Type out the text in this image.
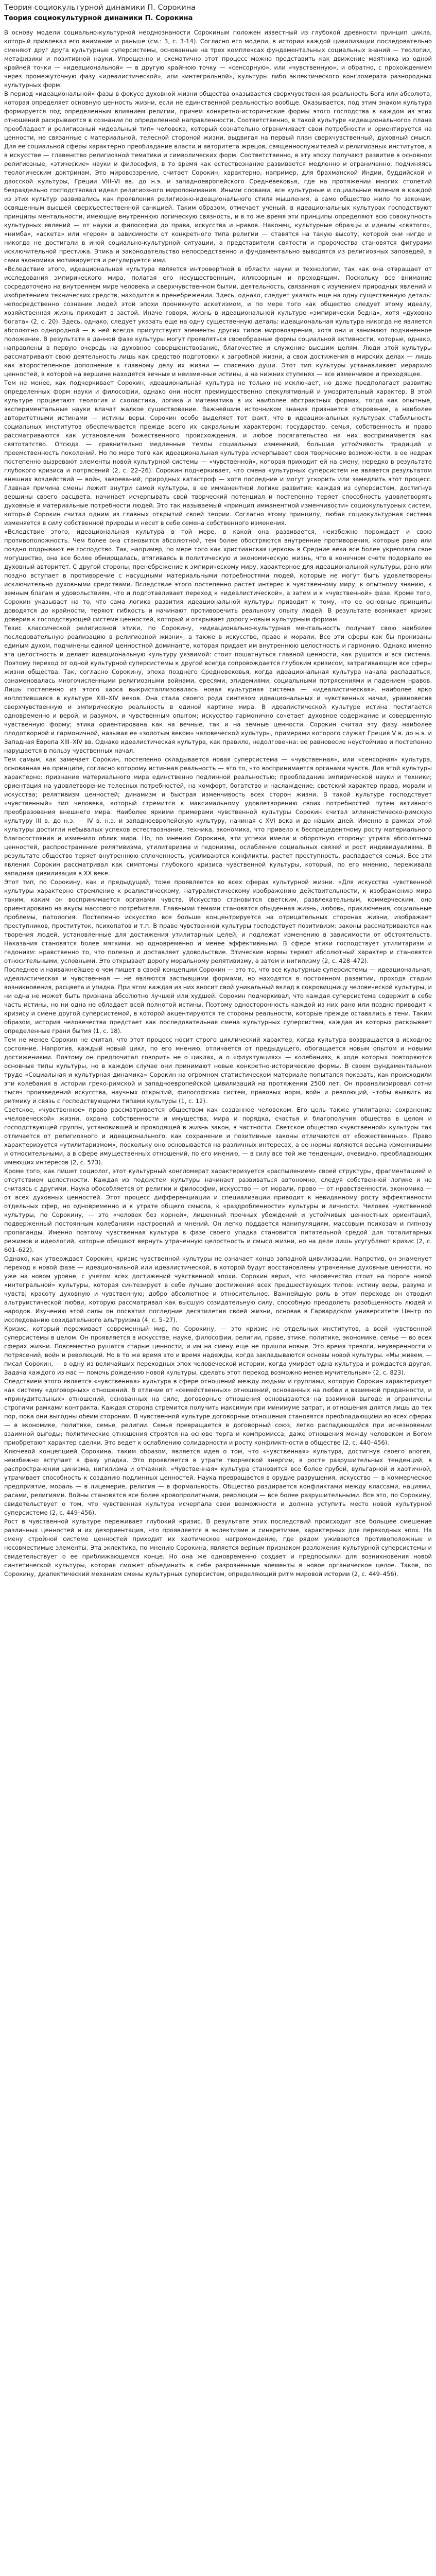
Теория социокультурной динамики П. Сорокина
Теория социокультурной динамики П. Сорокина

В основу модели социально-культурной неоднознаности Сорокиным положен известный из глубокой древности принцип цикла, который привлекал его внимание и раньше (см.: 3, с. 3-14). Согласно его модели, в истории каждой цивилизации последовательно сменяют друг друга культурные суперсистемы, основанные на трех комплексах фундаментальных социальных знаний — теологии, метафизики и позитивной науки. Упрощенно и схематично этот процесс можно представить как движение маятника из одной крайней точки — «идеациональной» — в другую крайнюю точку — «сенсорную», или «чувственную», и обратно, с прохождением через промежуточную фазу «идеалистической», или «интегральной», культуры либо эклектического конгломерата разнородных культурных форм.

В период «идеациональной» фазы в фокусе духовной жизни общества оказывается сверхчувственная реальность Бога или абсолюта, которая определяет основную ценность жизни, если не единственной реальностью вообще. Оказывается, под этим знаком культура формируется под определенным влиянием религии, причем конкретно-исторические формы этого господства в каждом из этих отношений раскрываются в сознании по определенной направленности. Соответственно, в такой культуре «идеационального» плана преобладает и религиозный «идеальный тип» человека, который сознательно ограничивает свои потребности и ориентируется на ценности, не связанные с материальной, телесной стороной жизни, выдвигая на первый план сверхчувственный, духовный смысл. Для ее социальной сферы характерно преобладание власти и авторитета жрецов, священнослужителей и религиозных институтов, а в искусстве — главенство религиозной тематики и символических форм. Соответственно, в эту эпоху получают развитие в основном религиозные, «этические» науки и философия, в то время как естествознание развивается медленно и ограниченно, подчиняясь теологическим доктринам. Это мировоззрение, считает Сорокин, характерно, например, для брахманской Индии, буддийской и даосской культуры, Греции VIII–VI вв. до н.э. и западноевропейского Средневековья, где на протяжении многих столетий безраздельно господствовал идеал религиозного миропонимания. Иными словами, все культурные и социальные явления в каждой из этих культур развивались как проявления религиозно-идеационального стиля мышления, а само общество жило по законам, освященным высшей сверхъестественной санкцией. Таким образом, отмечает ученый, в идеациональных культурах господствуют принципы ментальности, имеющие внутреннюю логическую связность, и в то же время эти принципы определяют всю совокупность культурных явлений — от науки и философии до права, искусства и нравов. Наконец, культурные образцы и идеалы «святого», «нимба», «аскета» или «героя» в зависимости от конкретного типа религии — ставятся на такую высоту, которой они нигде и никогда не достигали в иной социально-культурной ситуации, а представители святости и пророчества становятся фигурами исключительной престижа. Этика и законодательство непосредственно и фундаментально выводятся из религиозных заповедей, а сами экономика мотивируется и регулируется ими.

«Вследствие этого, идеациональная культура является интровертной в области науки и технологии, так как она отвращает от исследования эмпирического мира, полагая его несущественным, иллюзорным и преходящим. Поскольку все внимание сосредоточено на внутреннем мире человека и сверхчувственном бытии, деятельность, связанная с изучением природных явлений и изобретением технических средств, находится в пренебрежении. Здесь, однако, следует указать еще на одну существенную деталь: непосредственно сознание людей этой эпохи проникнуто аскетизмом, и по мере того как общество следует этому идеалу, хозяйственная жизнь приходит в застой. Иначе говоря, жизнь в идеациональной культуре «эмпирически бедна», хотя «духовно богата» (2, с. 20). Здесь, однако, следует указать еще на одну существенную деталь: идеациональная культура никогда не является абсолютно однородной — в ней всегда присутствуют элементы других типов мировоззрения, хотя они и занимают подчиненное положение. В результате в данной фазе культуры могут проявляться своеобразные формы социальной активности, которые, однако, направлены в первую очередь на духовное совершенствование, благочестие и служение высшим целям. Люди этой культуры рассматривают свою деятельность лишь как средство подготовки к загробной жизни, а свои достижения в мирских делах — лишь как второстепенное дополнение к главному делу их жизни — спасению души. Этот тип культуры устанавливает иерархию ценностей, в которой на вершине находятся вечные и неизменные истины, а на нижних ступенях — все изменчивое и преходящее.

Тем не менее, как подчеркивает Сорокин, идеациональная культура не только не исключает, но даже предполагает развитие определенных форм науки и философии, однако они носят преимущественно спекулятивный и умозрительный характер. В этой культуре процветают теология и схоластика, логика и математика в их наиболее абстрактных формах, тогда как опытные, экспериментальные науки влачат жалкое существование. Важнейшим источником знания признается откровение, а наиболее авторитетными истинами — истины веры. Сорокин особо выделяет тот факт, что в идеациональных культурах стабильность социальных институтов обеспечивается прежде всего их сакральным характером: государство, семья, собственность и право рассматриваются как установления божественного происхождения, и любое посягательство на них воспринимается как святотатство. Отсюда — сравнительно медленные темпы социальных изменений, большая устойчивость традиций и преемственность поколений. Но по мере того как идеациональная культура исчерпывает свои творческие возможности, в ее недрах постепенно вызревают элементы новой культурной системы — «чувственной», которая приходит ей на смену, нередко в результате глубокого кризиса и потрясений (2, с. 22–26). Сорокин подчеркивает, что смена культурных суперсистем не является результатом внешних воздействий — войн, завоеваний, природных катастроф — хотя последние и могут ускорить или замедлить этот процесс. Главная причина смены лежит внутри самой культуры, в ее имманентной логике развития: каждая из суперсистем, достигнув вершины своего расцвета, начинает исчерпывать свой творческий потенциал и постепенно теряет способность удовлетворять духовные и материальные потребности людей. Это так называемый «принцип имманентной изменчивости» социокультурных систем, который Сорокин считал одним из главных открытий своей теории. Согласно этому принципу, любая социокультурная система изменяется в силу собственной природы и несет в себе семена собственного изменения.

«Вследствие этого, идеациональная культура в той мере, в какой она развивается, неизбежно порождает и свою противоположность. Чем более она становится абсолютной, тем более обостряются внутренние противоречия, которые рано или поздно подрывают ее господство. Так, например, по мере того как христианская церковь в Средние века все более укрепляла свое могущество, она все более обмирщалась, втягиваясь в политическую и экономическую жизнь, что в конечном счете подорвало ее духовный авторитет. С другой стороны, пренебрежение к эмпирическому миру, характерное для идеациональной культуры, рано или поздно вступает в противоречие с насущными материальными потребностями людей, которые не могут быть удовлетворены исключительно духовными средствами. Вследствие этого постепенно растет интерес к чувственному миру, к опытному знанию, к земным благам и удовольствиям, что и подготавливает переход к «идеалистической», а затем и к «чувственной» фазе. Кроме того, Сорокин указывает на то, что сама логика развития идеациональной культуры приводит к тому, что ее основные принципы доводятся до крайности, теряют гибкость и начинают противоречить реальному опыту людей. В результате возникает кризис доверия к господствующей системе ценностей, который и открывает дорогу новым культурным формам.

Тезис классической религиозной этики, по Сорокину, «идеационально-культурная ментальность получает свою наиболее последовательную реализацию в религиозной жизни», а также в искусстве, праве и морали. Все эти сферы как бы пронизаны единым духом, подчинены единой ценностной доминанте, которая придает им внутреннюю целостность и гармонию. Однако именно эта целостность и делает идеациональную культуру уязвимой: стоит пошатнуться главной ценности, как рушится и вся система. Поэтому переход от одной культурной суперсистемы к другой всегда сопровождается глубоким кризисом, затрагивающим все сферы жизни общества. Так, согласно Сорокину, эпоха позднего Средневековья, когда идеациональная культура начала распадаться, ознаменовалась многочисленными религиозными войнами, ересями, эпидемиями, социальными потрясениями и падением нравов. Лишь постепенно из этого хаоса выкристаллизовалась новая культурная система — «идеалистическая», наиболее ярко воплотившаяся в культуре XIII–XIV веков. Она стала своего рода синтезом идеациональных и чувственных начал, уравновесив сверхчувственную и эмпирическую реальность в единой картине мира. В идеалистической культуре истина постигается одновременно и верой, и разумом, и чувственным опытом; искусство гармонично сочетает духовное содержание и совершенную чувственную форму; этика ориентирована как на вечные, так и на земные ценности. Сорокин считал эту фазу наиболее плодотворной и гармоничной, называя ее «золотым веком» человеческой культуры, примерами которого служат Греция V в. до н.э. и Западная Европа XIII–XIV вв. Однако идеалистическая культура, как правило, недолговечна: ее равновесие неустойчиво и постепенно нарушается в пользу чувственных начал.

Тем самым, как замечает Сорокин, постепенно складывается новая суперсистема — «чувственная», или «сенсорная» культура, основанная на принципе, согласно которому истинная реальность — это то, что воспринимается органами чувств. Для этой культуры характерно: признание материального мира единственно подлинной реальностью; преобладание эмпирической науки и техники; ориентация на удовлетворение телесных потребностей, на комфорт, богатство и наслаждение; светский характер права, морали и искусства; релятивизм ценностей; динамизм и быстрая изменчивость всех сторон жизни. В такой культуре господствует «чувственный» тип человека, который стремится к максимальному удовлетворению своих потребностей путем активного преобразования внешнего мира. Наиболее яркими примерами чувственной культуры Сорокин считал эллинистическо-римскую культуру III в. до н.э. — IV в. н.э. и западноевропейскую культуру, начиная с XVI века и до наших дней. Именно в рамках этой культуры достигли небывалых успехов естествознание, техника, экономика, что привело к беспрецедентному росту материального благосостояния и изменило облик мира. Но, по мнению Сорокина, эти успехи имели и оборотную сторону: утрата абсолютных ценностей, распространение релятивизма, утилитаризма и гедонизма, ослабление социальных связей и рост индивидуализма. В результате общество теряет внутреннюю сплоченность, усиливаются конфликты, растет преступность, распадается семья. Все эти явления Сорокин рассматривал как симптомы глубокого кризиса чувственной культуры, который, по его мнению, переживала западная цивилизация в XX веке.

Этот тип, по Сорокину, как и предыдущий, тоже проявляется во всех сферах культурной жизни. «Для искусства чувственной культуры характерно стремление к реалистическому, натуралистическому изображению действительности, к изображению мира таким, каким он воспринимается органами чувств. Искусство становится светским, развлекательным, коммерческим, оно ориентировано на вкусы массового потребителя. Главными темами становятся обыденная жизнь, любовь, приключения, социальные проблемы, патология. Постепенно искусство все больше концентрируется на отрицательных сторонах жизни, изображает преступников, проституток, психопатов и т.п. В праве чувственной культуры господствует позитивизм: законы рассматриваются как творения людей, установленные для достижения утилитарных целей, и подлежат изменению в зависимости от обстоятельств. Наказания становятся более мягкими, но одновременно и менее эффективными. В сфере этики господствует утилитаризм и гедонизм: нравственно то, что полезно и доставляет удовольствие. Этические нормы теряют абсолютный характер и становятся относительными, условными. Это открывает дорогу моральному релятивизму, а затем и нигилизму (2, с. 428–472).

Последнее и наиважнейшее о чем пишет в своей концепции Сорокин — это то, что все культурные суперсистемы — идеациональная, идеалистическая и чувственная — не являются застывшими формами, но находятся в постоянном развитии, проходя стадии возникновения, расцвета и упадка. При этом каждая из них вносит свой уникальный вклад в сокровищницу человеческой культуры, и ни одна не может быть признана абсолютно лучшей или худшей. Сорокин подчеркивал, что каждая суперсистема содержит в себе часть истины, но ни одна не обладает всей полнотой истины. Поэтому односторонность каждой из них рано или поздно приводит к кризису и смене другой суперсистемой, в которой акцентируются те стороны реальности, которые прежде оставались в тени. Таким образом, история человечества предстает как последовательная смена культурных суперсистем, каждая из которых раскрывает определенные грани бытия (1, с. 18).

Тем не менее Сорокин не считал, что этот процесс носит строго циклический характер, когда культура возвращается в исходное состояние. Напротив, каждый новый цикл, по его мнению, отличается от предыдущего, обогащается новым опытом и новыми достижениями. Поэтому он предпочитал говорить не о циклах, а о «флуктуациях» — колебаниях, в ходе которых повторяются основные типы культуры, но в каждом случае они принимают новые конкретно-исторические формы. В своем фундаментальном труде «Социальная и культурная динамика» Сорокин на огромном статистическом материале попытался показать, как происходили эти колебания в истории греко-римской и западноевропейской цивилизаций на протяжении 2500 лет. Он проанализировал сотни тысяч произведений искусства, научных открытий, философских систем, правовых норм, войн и революций, чтобы выявить их ритмику и связь с господствующими типами культуры (1, с. 12).

Светское, «чувственное» право рассматривается обществом как созданное человеком. Его цель также утилитарна: сохранение «человеческой» жизни, охрана собственности и имущества, мира и порядка, счастья и благополучия общества в целом и господствующей группы, установившей и проводящей в жизнь закон, в частности. Светское общество «чувственной» культуры так отличается от религиозного и идеационального, как сохранение и позитивные законы отличаются от «божественных». Право характеризуется «утилитаризмом», поскольку оно основывается на различных интересах, а ее нормы являются весьма изменчивыми и относительными, а в сфере имущественных отношений, по его мнению, — в силу все той же тенденции, очевидно, преобладающих имеющих интересов (2, с. 573).

Кроме того, как пишет социолог, этот культурный конгломерат характеризуется «распылением» своей структуры, фрагментацией и отсутствием целостности. Каждая из подсистем культуры начинает развиваться автономно, следуя собственной логике и не считаясь с другими. Наука обособляется от религии и философии, искусство — от морали, право — от нравственности, экономика — от всех духовных ценностей. Этот процесс дифференциации и специализации приводит к невиданному росту эффективности отдельных сфер, но одновременно и к утрате общего смысла, к «раздробленности» культуры и личности. Человек чувственной культуры, по Сорокину, — это «человек без корней», лишенный прочных убеждений и устойчивых ценностных ориентаций, подверженный постоянным колебаниям настроений и мнений. Он легко поддается манипуляциям, массовым психозам и гипнозу пропаганды. Именно поэтому чувственная культура в фазе своего упадка становится питательной средой для тоталитарных режимов и идеологий, которые обещают вернуть утраченную целостность и смысл жизни, но на деле лишь усугубляют кризис (2, с. 601–622).

Однако, как утверждает Сорокин, кризис чувственной культуры не означает конца западной цивилизации. Напротив, он знаменует переход к новой фазе — идеациональной или идеалистической, в которой будут восстановлены утраченные духовные ценности, но уже на новом уровне, с учетом всех достижений чувственной эпохи. Сорокин верил, что человечество стоит на пороге новой «интегральной» культуры, которая синтезирует в себе лучшие достижения всех предшествующих типов: истину веры, разума и чувств; красоту духовную и чувственную; добро абсолютное и относительное. Важнейшую роль в этом переходе он отводил альтруистической любви, которую рассматривал как высшую созидательную силу, способную преодолеть разобщенность людей и народов. Изучению этой силы он посвятил последние десятилетия своей жизни, основав в Гарвардском университете Центр по исследованию созидательного альтруизма (4, с. 5–27).

Кризис, который переживает современный мир, по Сорокину, — это кризис не отдельных институтов, а всей чувственной суперсистемы в целом. Он проявляется в искусстве, науке, философии, религии, праве, этике, политике, экономике, семье — во всех сферах жизни. Повсеместно рушатся старые ценности, и им на смену еще не пришли новые. Это время тревоги, неуверенности и потрясений, войн и революций. Но в то же время это и время надежды, когда закладываются основы новой культуры. «Мы живем, — писал Сорокин, — в одну из величайших переходных эпох человеческой истории, когда умирает одна культура и рождается другая. Задача каждого из нас — помочь рождению новой культуры, сделать этот переход возможно менее мучительным» (2, с. 823).

Следствием этого является «чувственная» культура в сфере отношений между людьми и группами, которую Сорокин характеризует как систему «договорных» отношений. В отличие от «семейственных» отношений, основанных на любви и взаимной преданности, и «принудительных» отношений, основанных на силе, договорные отношения основываются на взаимной выгоде и ограничены строгими рамками контракта. Каждая сторона стремится получить максимум при минимуме затрат, и отношения длятся лишь до тех пор, пока они выгодны обеим сторонам. В чувственной культуре договорные отношения становятся преобладающими во всех сферах — в экономике, политике, семье, религии. Семья превращается в договорный союз, легко распадающийся при исчезновении взаимной выгоды; политические отношения строятся на основе торга и компромисса; даже отношения между человеком и Богом приобретают характер сделки. Это ведет к ослаблению солидарности и росту конфликтности в обществе (2, с. 440–456).

Ключевой концепцией Сорокина, таким образом, является идея о том, что «чувственная» культура, достигнув своего апогея, неизбежно вступает в фазу упадка. Это проявляется в утрате творческой энергии, в росте разрушительных тенденций, в распространении цинизма, нигилизма и отчаяния. «Чувственная» культура становится все более грубой, вульгарной и хаотичной, утрачивает способность к созданию подлинных ценностей. Наука превращается в орудие разрушения, искусство — в коммерческое предприятие, мораль — в лицемерие, религия — в формальность. Общество раздирается конфликтами между классами, нациями, расами, религиями. Войны становятся все более кровопролитными, революции — все более разрушительными. Все это, по Сорокину, свидетельствует о том, что чувственная культура исчерпала свои возможности и должна уступить место новой культурной суперсистеме (2, с. 449–456).

Рост в чувственной культуре переживает глубокий кризис. В результате этих последствий происходит все большее смешение различных ценностей и их дезориентация, что проявляется в эклектизме и синкретизме, характерных для переходных эпох. На смену стройной системе ценностей приходит их хаотическое нагромождение, где рядом уживаются противоположные и несовместимые элементы. Эта эклектика, по мнению Сорокина, является верным признаком разложения культурной суперсистемы и свидетельствует о ее приближающемся конце. Но она же одновременно создает и предпосылки для возникновения новой синтетической культуры, которая сможет объединить в себе разрозненные элементы в новое органическое целое. Таков, по Сорокину, диалектический механизм смены культурных суперсистем, определяющий ритм мировой истории (2, с. 449–456).
